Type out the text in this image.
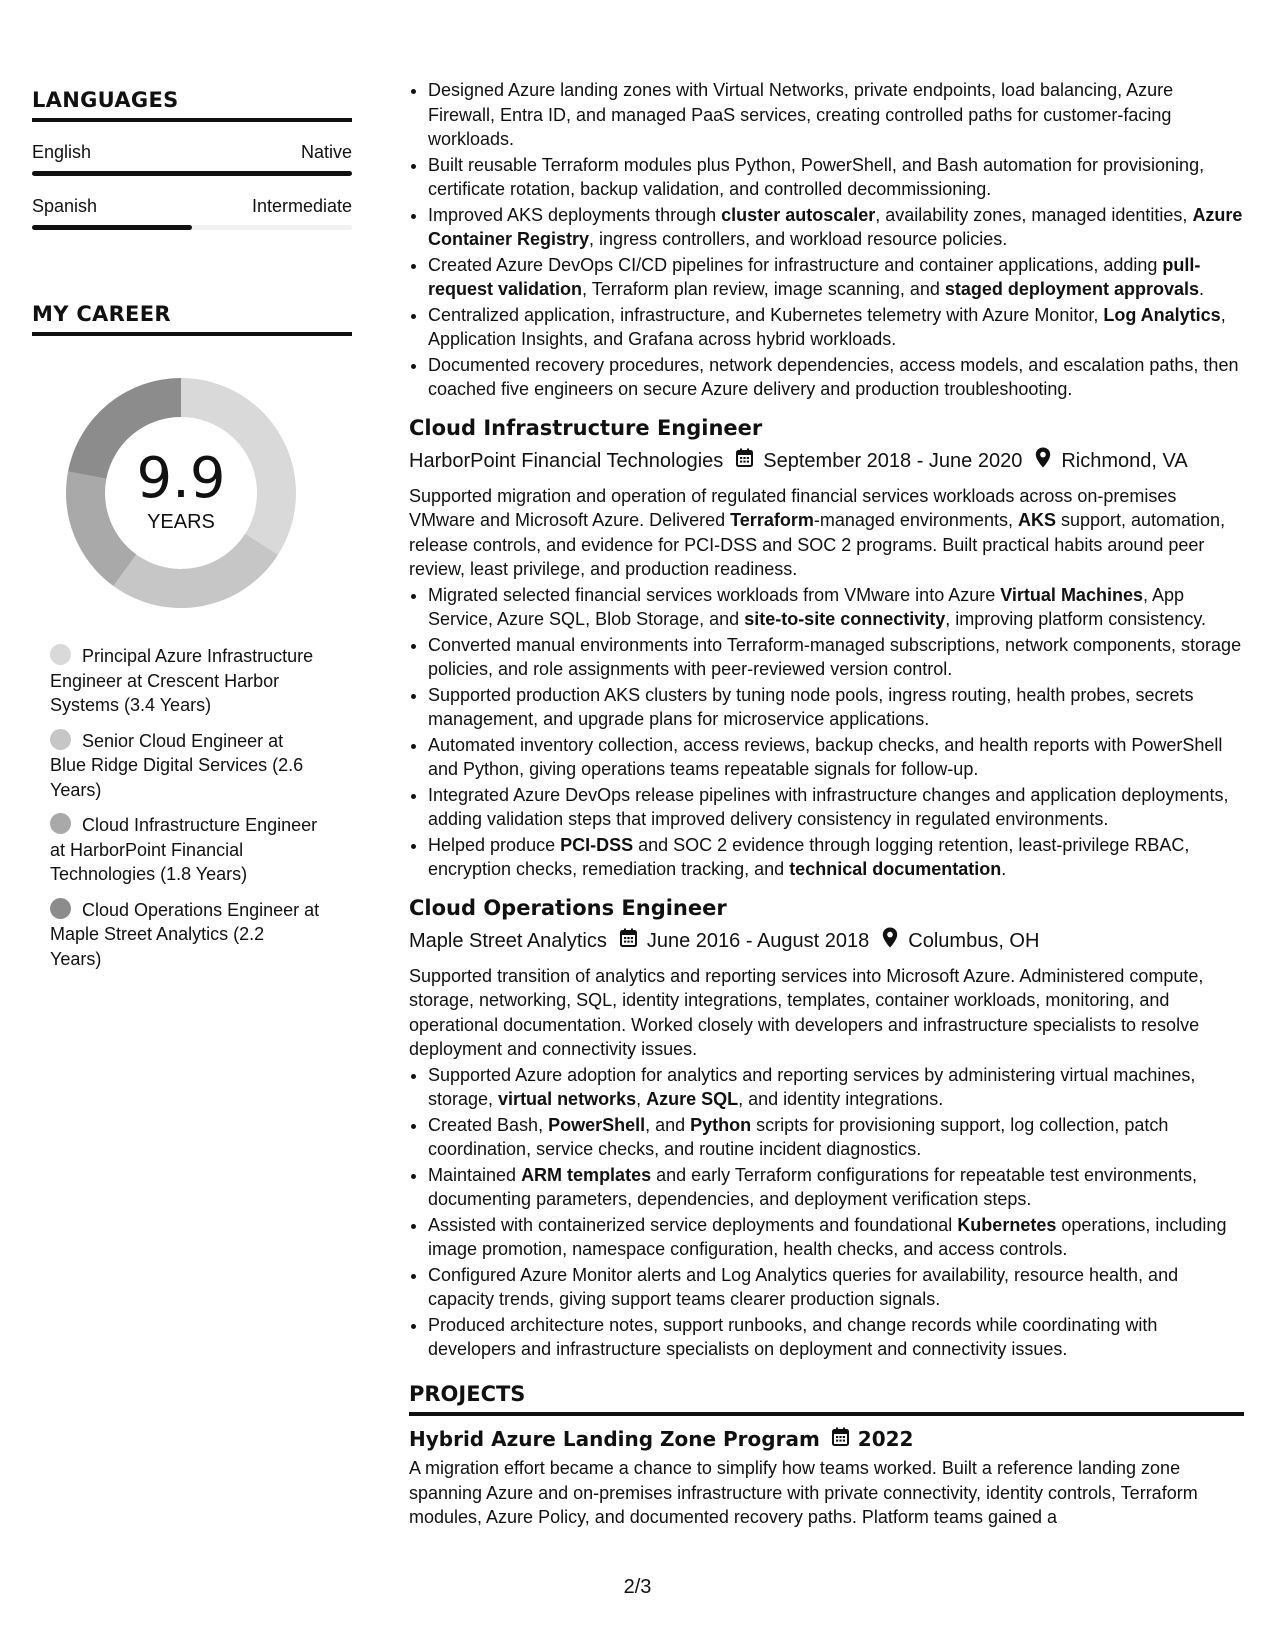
LANGUAGES
English	Native
Spanish	Intermediate
MY CAREER
9.9
YEARS
Principal Azure Infrastructure Engineer at Crescent Harbor Systems (3.4 Years)
Senior Cloud Engineer at Blue Ridge Digital Services (2.6 Years)
Cloud Infrastructure Engineer at HarborPoint Financial Technologies (1.8 Years)
Cloud Operations Engineer at Maple Street Analytics (2.2 Years)
• Designed Azure landing zones with Virtual Networks, private endpoints, load balancing, Azure Firewall, Entra ID, and managed PaaS services, creating controlled paths for customer-facing workloads.
• Built reusable Terraform modules plus Python, PowerShell, and Bash automation for provisioning, certificate rotation, backup validation, and controlled decommissioning.
• Improved AKS deployments through cluster autoscaler, availability zones, managed identities, Azure Container Registry, ingress controllers, and workload resource policies.
• Created Azure DevOps CI/CD pipelines for infrastructure and container applications, adding pull-request validation, Terraform plan review, image scanning, and staged deployment approvals.
• Centralized application, infrastructure, and Kubernetes telemetry with Azure Monitor, Log Analytics, Application Insights, and Grafana across hybrid workloads.
• Documented recovery procedures, network dependencies, access models, and escalation paths, then coached five engineers on secure Azure delivery and production troubleshooting.
Cloud Infrastructure Engineer
HarborPoint Financial Technologies September 2018 - June 2020 Richmond, VA

Supported migration and operation of regulated financial services workloads across on-premises VMware and Microsoft Azure. Delivered Terraform-managed environments, AKS support, automation, release controls, and evidence for PCI-DSS and SOC 2 programs. Built practical habits around peer review, least privilege, and production readiness.

• Migrated selected financial services workloads from VMware into Azure Virtual Machines, App Service, Azure SQL, Blob Storage, and site-to-site connectivity, improving platform consistency.
• Converted manual environments into Terraform-managed subscriptions, network components, storage policies, and role assignments with peer-reviewed version control.
• Supported production AKS clusters by tuning node pools, ingress routing, health probes, secrets management, and upgrade plans for microservice applications.
• Automated inventory collection, access reviews, backup checks, and health reports with PowerShell and Python, giving operations teams repeatable signals for follow-up.
• Integrated Azure DevOps release pipelines with infrastructure changes and application deployments, adding validation steps that improved delivery consistency in regulated environments.
• Helped produce PCI-DSS and SOC 2 evidence through logging retention, least-privilege RBAC, encryption checks, remediation tracking, and technical documentation.
Cloud Operations Engineer
Maple Street Analytics June 2016 - August 2018 Columbus, OH

Supported transition of analytics and reporting services into Microsoft Azure. Administered compute, storage, networking, SQL, identity integrations, templates, container workloads, monitoring, and operational documentation. Worked closely with developers and infrastructure specialists to resolve deployment and connectivity issues.

• Supported Azure adoption for analytics and reporting services by administering virtual machines, storage, virtual networks, Azure SQL, and identity integrations.
• Created Bash, PowerShell, and Python scripts for provisioning support, log collection, patch coordination, service checks, and routine incident diagnostics.
• Maintained ARM templates and early Terraform configurations for repeatable test environments, documenting parameters, dependencies, and deployment verification steps.
• Assisted with containerized service deployments and foundational Kubernetes operations, including image promotion, namespace configuration, health checks, and access controls.
• Configured Azure Monitor alerts and Log Analytics queries for availability, resource health, and capacity trends, giving support teams clearer production signals.
• Produced architecture notes, support runbooks, and change records while coordinating with developers and infrastructure specialists on deployment and connectivity issues.
PROJECTS
Hybrid Azure Landing Zone Program 2022

A migration effort became a chance to simplify how teams worked. Built a reference landing zone spanning Azure and on-premises infrastructure with private connectivity, identity controls, Terraform modules, Azure Policy, and documented recovery paths. Platform teams gained a

2/3
